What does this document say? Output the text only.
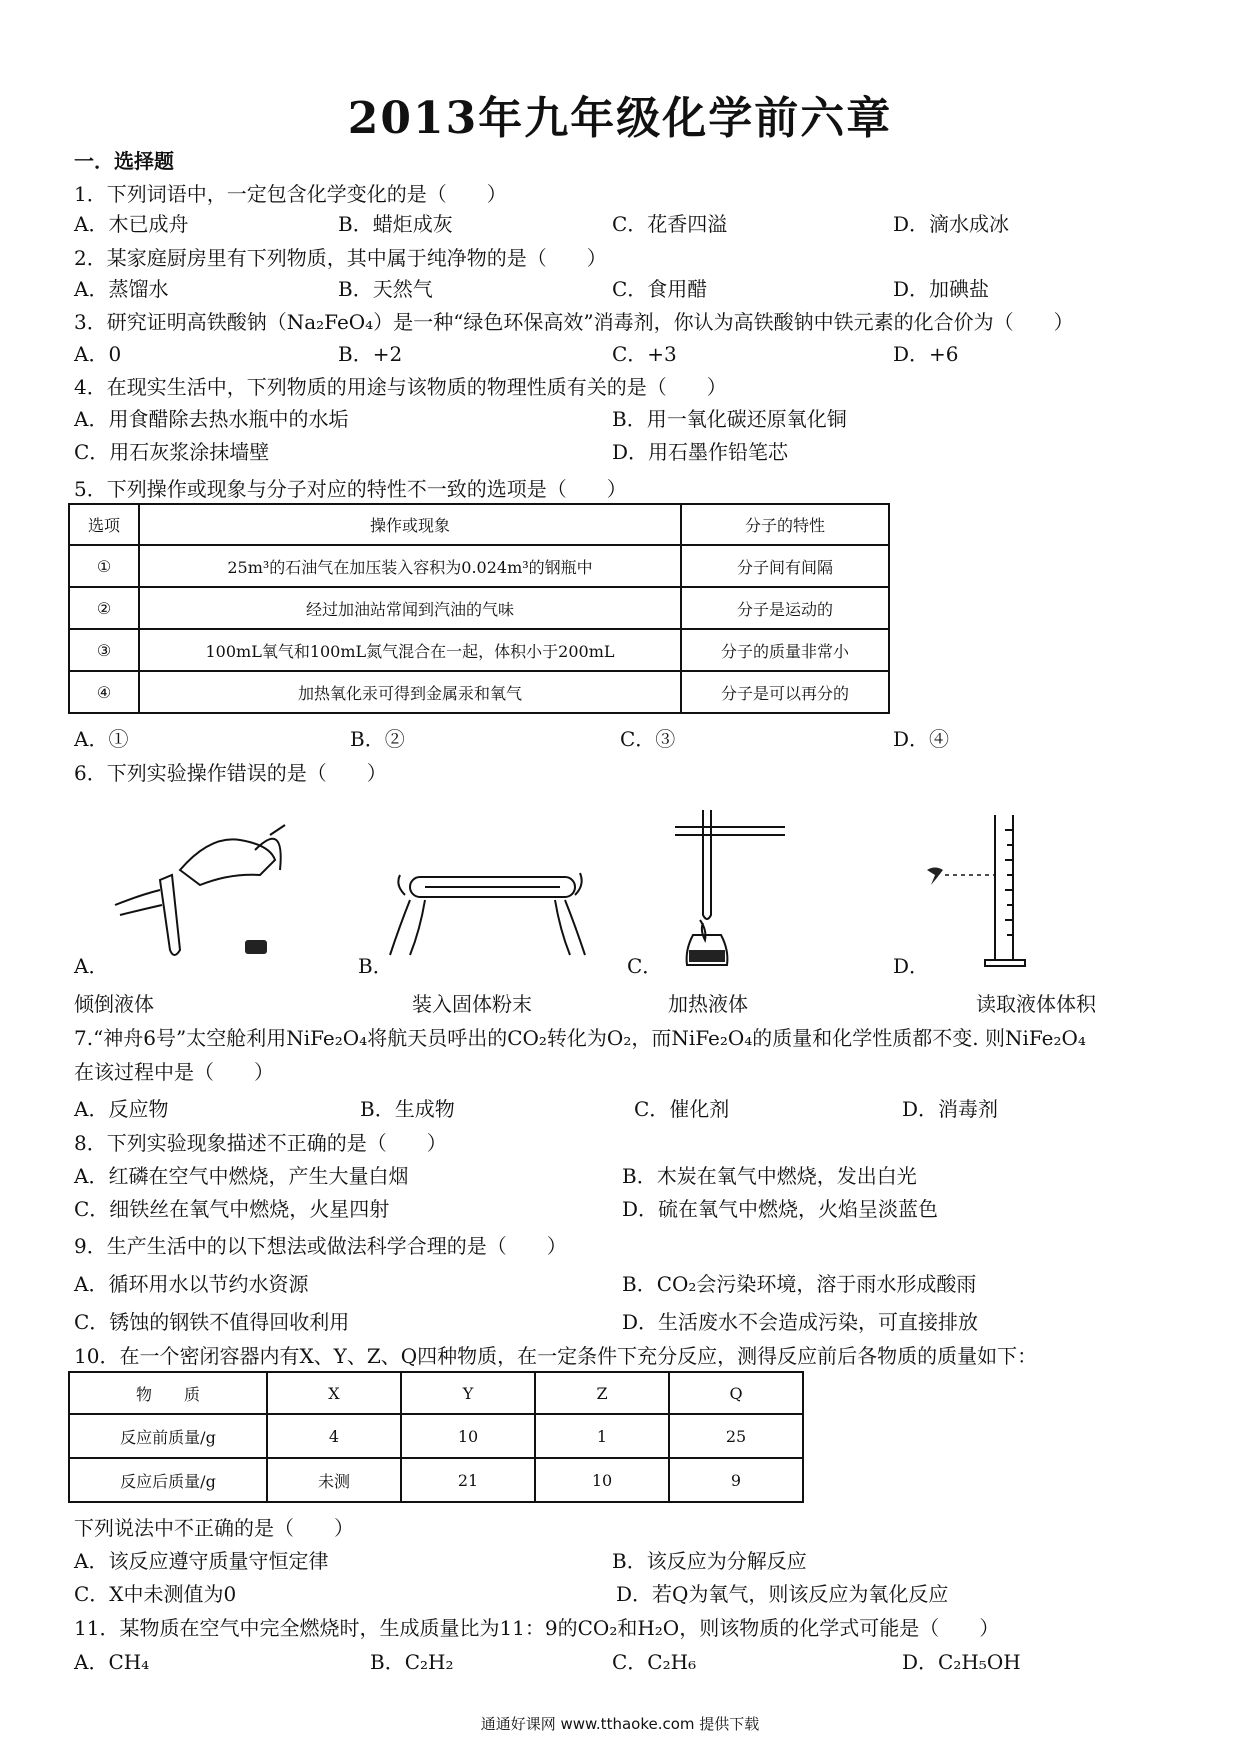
2013年九年级化学前六章
一．选择题
1．下列词语中，一定包含化学变化的是（　　）
A．木已成舟	B．蜡炬成灰	C．花香四溢	D．滴水成冰
2．某家庭厨房里有下列物质，其中属于纯净物的是（　　）
A．蒸馏水	B．天然气	C．食用醋	D．加碘盐
3．研究证明高铁酸钠（Na₂FeO₄）是一种“绿色环保高效”消毒剂，你认为高铁酸钠中铁元素的化合价为（　　）
A．0	B．+2	C．+3	D．+6
4．在现实生活中，下列物质的用途与该物质的物理性质有关的是（　　）
A．用食醋除去热水瓶中的水垢	B．用一氧化碳还原氧化铜
C．用石灰浆涂抹墙壁	D．用石墨作铅笔芯
5．下列操作或现象与分子对应的特性不一致的选项是（　　）
选项	操作或现象	分子的特性
①	25m³的石油气在加压装入容积为0.024m³的钢瓶中	分子间有间隔
②	经过加油站常闻到汽油的气味	分子是运动的
③	100mL氧气和100mL氮气混合在一起，体积小于200mL	分子的质量非常小
④	加热氧化汞可得到金属汞和氧气	分子是可以再分的
A．①	B．②	C．③	D．④
6．下列实验操作错误的是（　　）
A．	B．	C．	D．
倾倒液体	装入固体粉末	加热液体	读取液体体积
7.“神舟6号”太空舱利用NiFe₂O₄将航天员呼出的CO₂转化为O₂，而NiFe₂O₄的质量和化学性质都不变. 则NiFe₂O₄
在该过程中是（　　）
A．反应物	B．生成物	C．催化剂	D．消毒剂
8．下列实验现象描述不正确的是（　　）
A．红磷在空气中燃烧，产生大量白烟	B．木炭在氧气中燃烧，发出白光
C．细铁丝在氧气中燃烧，火星四射	D．硫在氧气中燃烧，火焰呈淡蓝色
9．生产生活中的以下想法或做法科学合理的是（　　）
A．循环用水以节约水资源	B．CO₂会污染环境，溶于雨水形成酸雨
C．锈蚀的钢铁不值得回收利用	D．生活废水不会造成污染，可直接排放
10．在一个密闭容器内有X、Y、Z、Q四种物质，在一定条件下充分反应，测得反应前后各物质的质量如下：
物　　质	X	Y	Z	Q
反应前质量/g	4	10	1	25
反应后质量/g	未测	21	10	9
下列说法中不正确的是（　　）
A．该反应遵守质量守恒定律	B．该反应为分解反应
C．X中未测值为0	D．若Q为氧气，则该反应为氧化反应
11．某物质在空气中完全燃烧时，生成质量比为11：9的CO₂和H₂O，则该物质的化学式可能是（　　）
A．CH₄	B．C₂H₂	C．C₂H₆	D．C₂H₅OH
通通好课网 www.tthaoke.com 提供下载
